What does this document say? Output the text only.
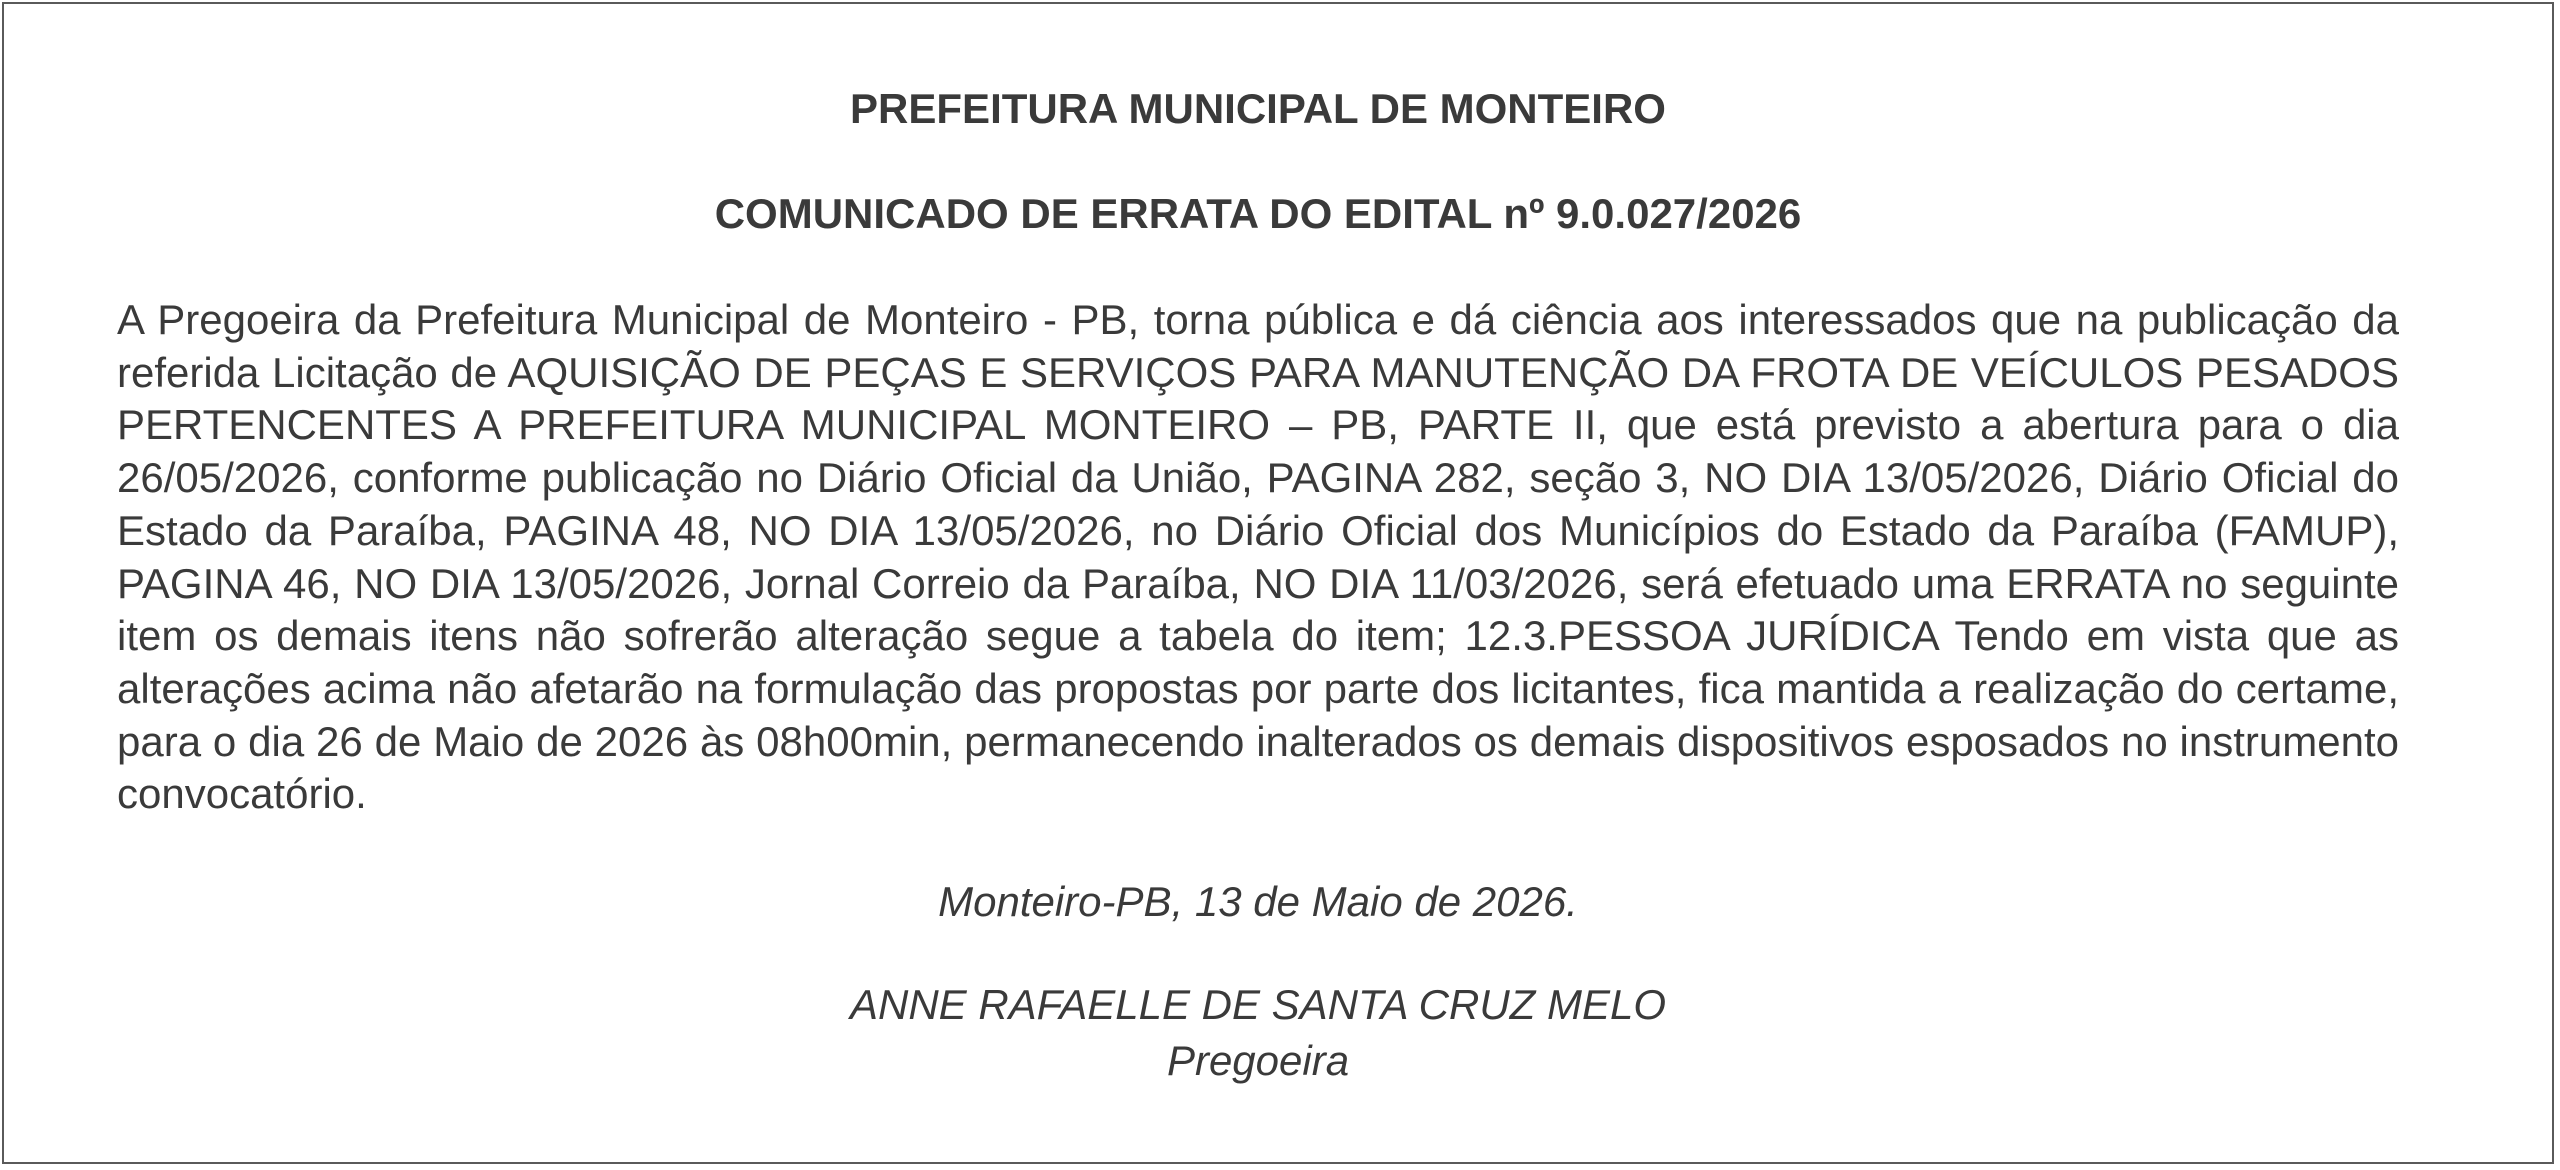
PREFEITURA MUNICIPAL DE MONTEIRO
COMUNICADO DE ERRATA DO EDITAL nº 9.0.027/2026
A Pregoeira da Prefeitura Municipal de Monteiro - PB, torna pública e dá ciência aos interessados que na publicação da referida Licitação de AQUISIÇÃO DE PEÇAS E SERVIÇOS PARA MANUTENÇÃO DA FROTA DE VEÍCULOS PESADOS PERTENCENTES A PREFEITURA MUNICIPAL MONTEIRO – PB, PARTE II, que está previsto a abertura para o dia 26/05/2026, conforme publicação no Diário Oficial da União, PAGINA 282, seção 3, NO DIA 13/05/2026, Diário Oficial do Estado da Paraíba, PAGINA 48, NO DIA 13/05/2026, no Diário Oficial dos Municípios do Estado da Paraíba (FAMUP), PAGINA 46, NO DIA 13/05/2026, Jornal Correio da Paraíba, NO DIA 11/03/2026, será efetuado uma ERRATA no seguinte item os demais itens não sofrerão alteração segue a tabela do item; 12.3.PESSOA JURÍDICA Tendo em vista que as alterações acima não afetarão na formulação das propostas por parte dos licitantes, fica mantida a realização do certame, para o dia 26 de Maio de 2026 às 08h00min, permanecendo inalterados os demais dispositivos esposados no instrumento convocatório.
Monteiro-PB, 13 de Maio de 2026.
ANNE RAFAELLE DE SANTA CRUZ MELO
Pregoeira
